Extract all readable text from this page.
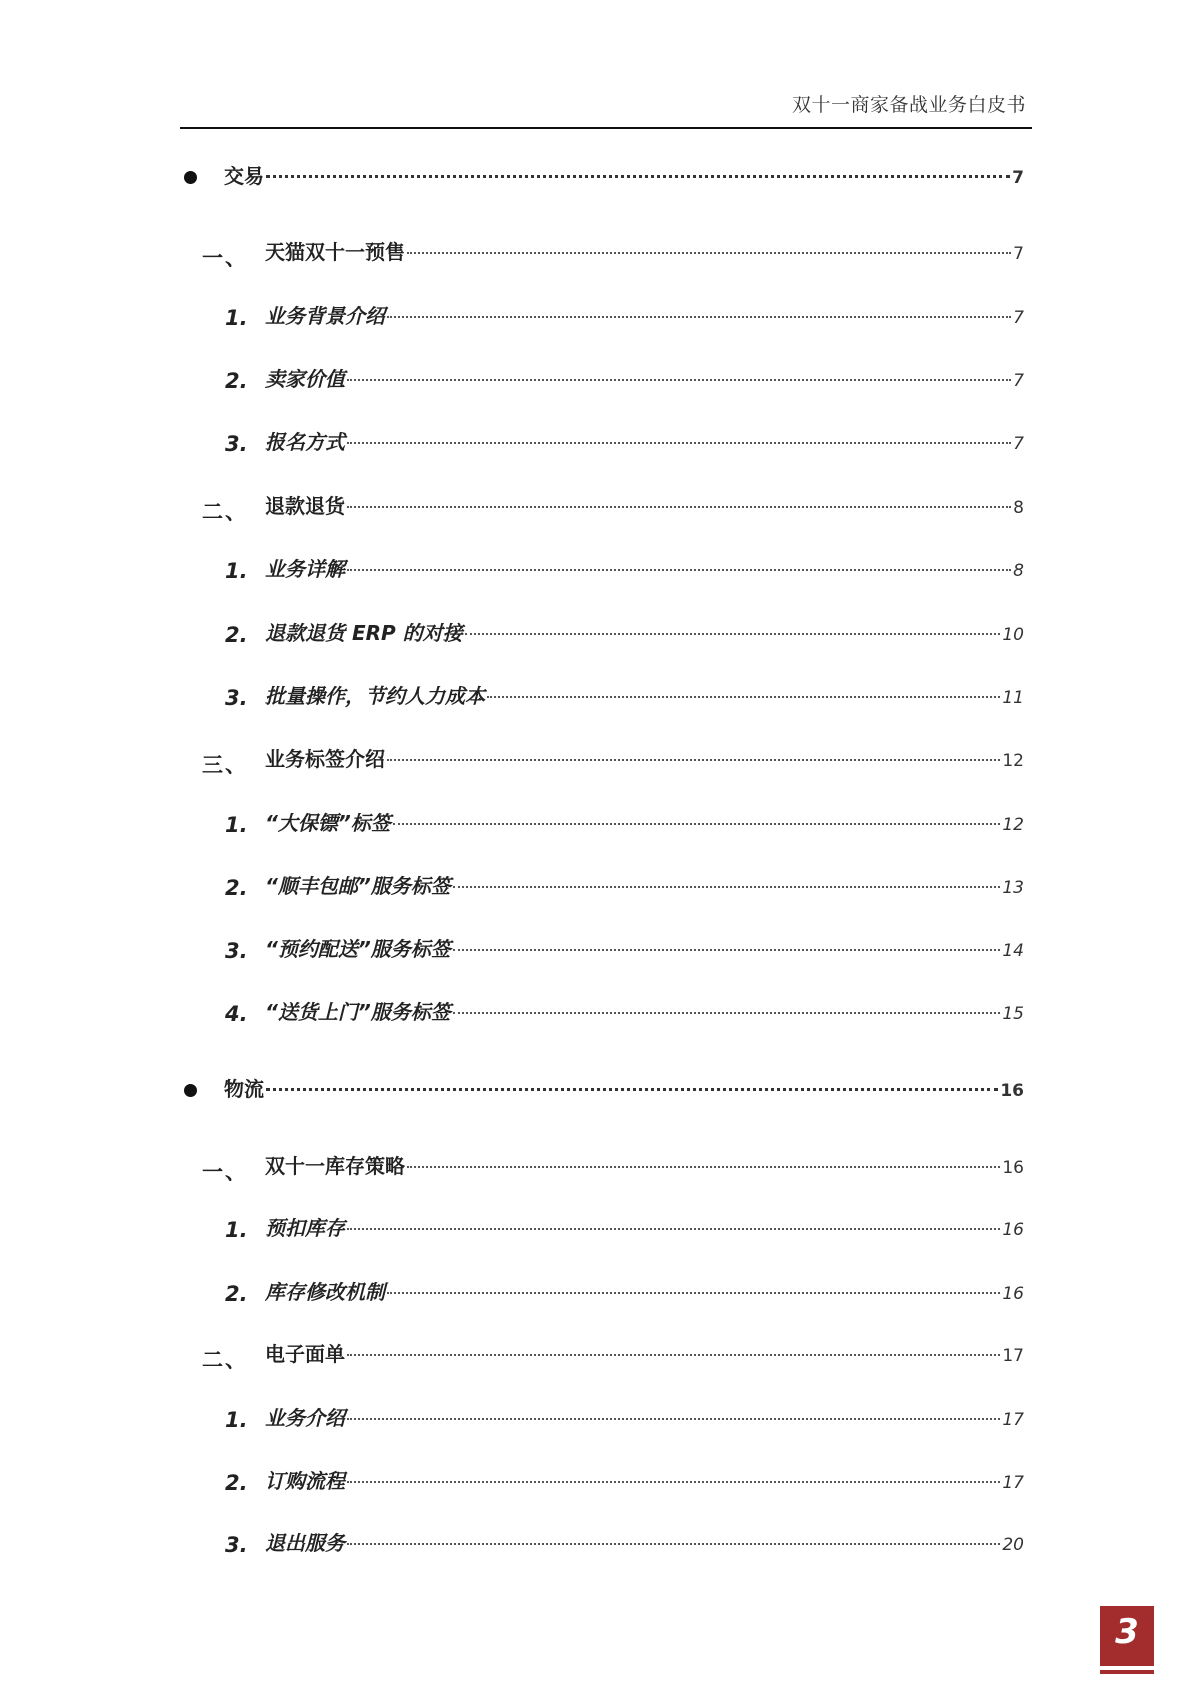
双十一商家备战业务白皮书
交易	7
一、 天猫双十一预售	7
1. 业务背景介绍	7
2. 卖家价值	7
3. 报名方式	7
二、 退款退货	8
1. 业务详解	8
2. 退款退货 ERP 的对接	10
3. 批量操作，节约人力成本	11
三、 业务标签介绍	12
1. “大保镖”标签	12
2. “顺丰包邮”服务标签	13
3. “预约配送”服务标签	14
4. “送货上门”服务标签	15
物流	16
一、 双十一库存策略	16
1. 预扣库存	16
2. 库存修改机制	16
二、 电子面单	17
1. 业务介绍	17
2. 订购流程	17
3. 退出服务	20
3
